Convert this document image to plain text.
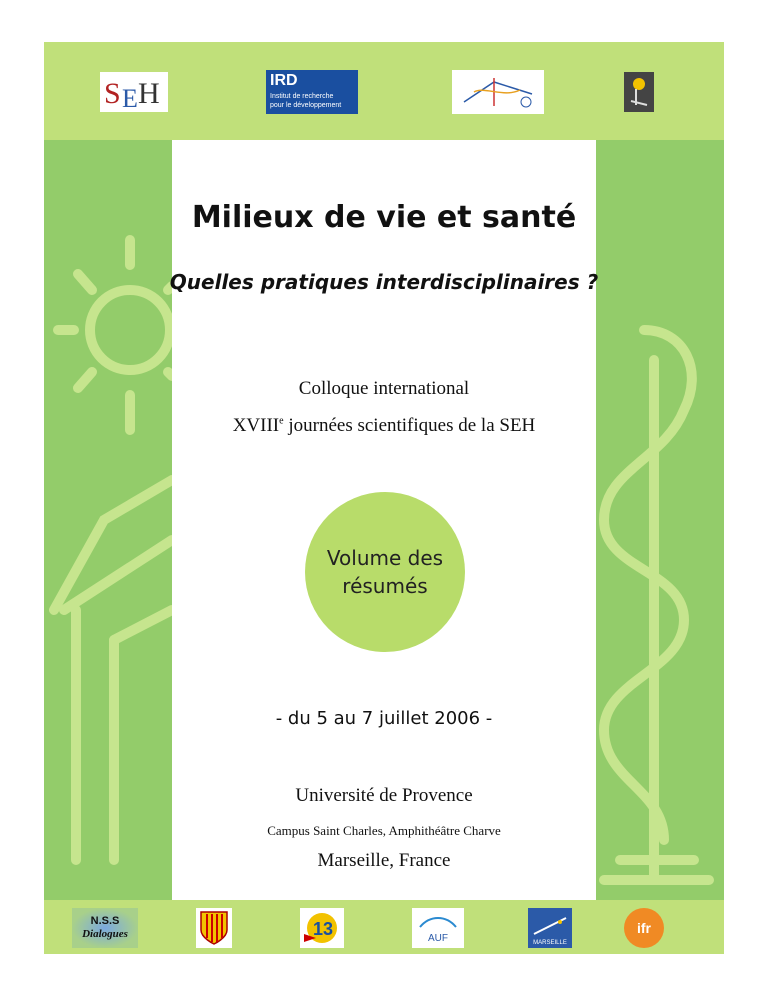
S E H	IRD
Institut de recherche
pour le développement
Milieux de vie et santé
Quelles pratiques interdisciplinaires ?
Colloque international
XVIIIe journées scientifiques de la SEH
Volume des
résumés
- du 5 au 7 juillet 2006 -
Université de Provence
Campus Saint Charles, Amphithéâtre Charve
Marseille, France
N.S.S
Dialogues	13	AUF	MARSEILLE
ifr
